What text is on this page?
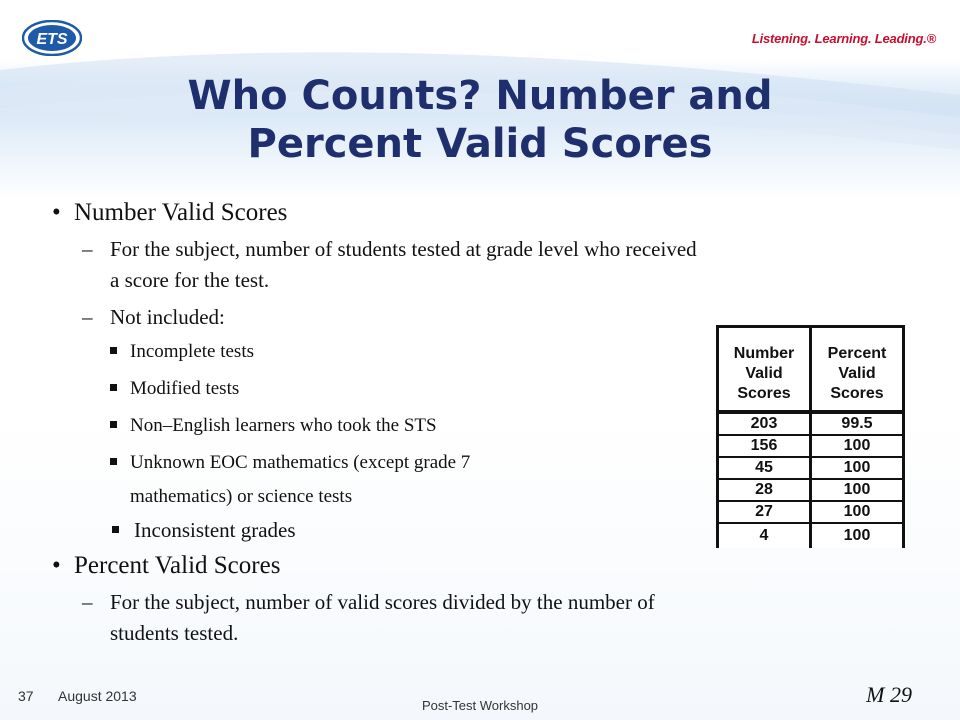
ETS	Listening. Learning. Leading.®
Who Counts? Number and
Percent Valid Scores
• Number Valid Scores
– For the subject, number of students tested at grade level who received
a score for the test.
– Not included:
Incomplete tests
Modified tests
Non–English learners who took the STS
Unknown EOC mathematics (except grade 7
mathematics) or science tests
Inconsistent grades
• Percent Valid Scores
– For the subject, number of valid scores divided by the number of
students tested.
Number Valid Scores	Percent Valid Scores
203	99.5
156	100
45	100
28	100
27	100
4	100
37 August 2013
Post-Test Workshop	M 29
